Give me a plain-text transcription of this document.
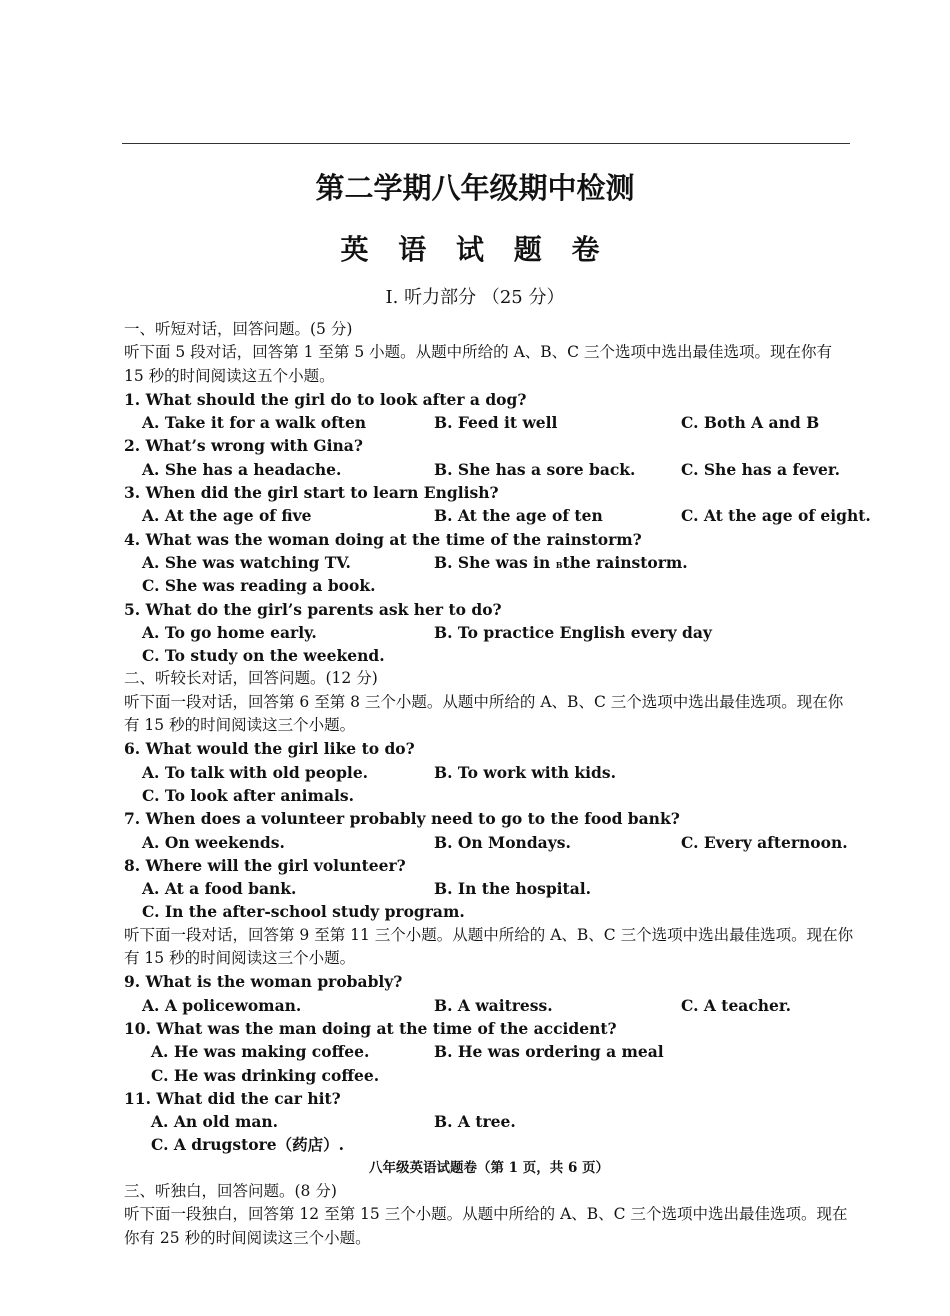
第二学期八年级期中检测
英 语 试 题 卷
Ⅰ. 听力部分 （25 分）
一、听短对话，回答问题。(5 分)
听下面 5 段对话，回答第 1 至第 5 小题。从题中所给的 A、B、C 三个选项中选出最佳选项。现在你有 15 秒的时间阅读这五个小题。
1. What should the girl do to look after a dog?
A. Take it for a walk often	B. Feed it well	C. Both A and B
2. What’s wrong with Gina?
A. She has a headache.	B. She has a sore back.	C. She has a fever.
3. When did the girl start to learn English?
A. At the age of five	B. At the age of ten	C. At the age of eight.
4. What was the woman doing at the time of the rainstorm?
A. She was watching TV.	B. She was in Bthe rainstorm.
C. She was reading a book.
5. What do the girl’s parents ask her to do?
A. To go home early.	B. To practice English every day
C. To study on the weekend.
二、听较长对话，回答问题。(12 分)
听下面一段对话，回答第 6 至第 8 三个小题。从题中所给的 A、B、C 三个选项中选出最佳选项。现在你有 15 秒的时间阅读这三个小题。
6. What would the girl like to do?
A. To talk with old people.	B. To work with kids.
C. To look after animals.
7. When does a volunteer probably need to go to the food bank?
A. On weekends.	B. On Mondays.	C. Every afternoon.
8. Where will the girl volunteer?
A. At a food bank.	B. In the hospital.
C. In the after-school study program.
听下面一段对话，回答第 9 至第 11 三个小题。从题中所给的 A、B、C 三个选项中选出最佳选项。现在你有 15 秒的时间阅读这三个小题。
9. What is the woman probably?
A. A policewoman.	B. A waitress.	C. A teacher.
10. What was the man doing at the time of the accident?
A. He was making coffee.	B. He was ordering a meal
C. He was drinking coffee.
11. What did the car hit?
A. An old man.	B. A tree.
C. A drugstore（药店）.
八年级英语试题卷（第 1 页，共 6 页）
三、听独白，回答问题。(8 分)
听下面一段独白，回答第 12 至第 15 三个小题。从题中所给的 A、B、C 三个选项中选出最佳选项。现在你有 25 秒的时间阅读这三个小题。
